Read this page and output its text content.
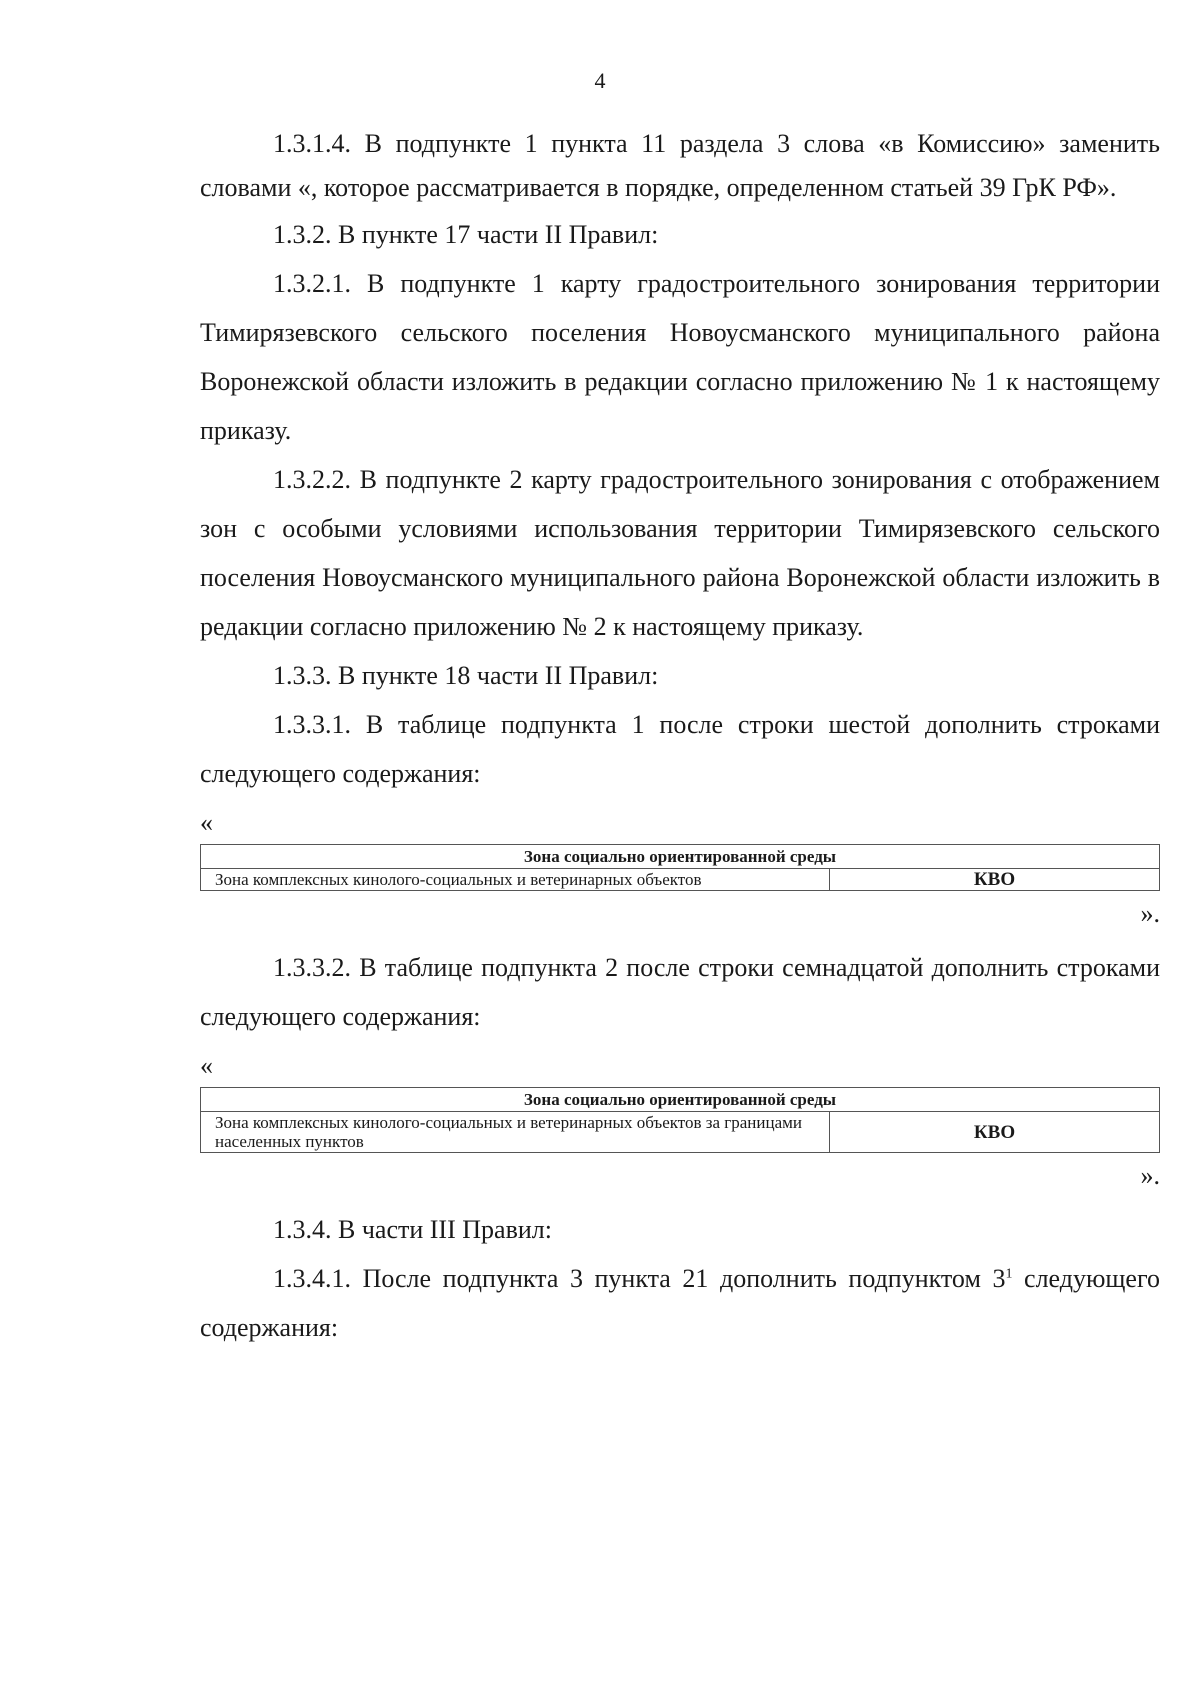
4

1.3.1.4. В подпункте 1 пункта 11 раздела 3 слова «в Комиссию» заменить словами «, которое рассматривается в порядке, определенном статьей 39 ГрК РФ».

1.3.2. В пункте 17 части II Правил:

1.3.2.1. В подпункте 1 карту градостроительного зонирования территории Тимирязевского сельского поселения Новоусманского муниципального района Воронежской области изложить в редакции согласно приложению № 1 к настоящему приказу.

1.3.2.2. В подпункте 2 карту градостроительного зонирования с отображением зон с особыми условиями использования территории Тимирязевского сельского поселения Новоусманского муниципального района Воронежской области изложить в редакции согласно приложению № 2 к настоящему приказу.

1.3.3. В пункте 18 части II Правил:

1.3.3.1. В таблице подпункта 1 после строки шестой дополнить строками следующего содержания:

«
Зона социально ориентированной среды
Зона комплексных кинолого-социальных и ветеринарных объектов	КВО
».

1.3.3.2. В таблице подпункта 2 после строки семнадцатой дополнить строками следующего содержания:

«
Зона социально ориентированной среды
Зона комплексных кинолого-социальных и ветеринарных объектов за границами населенных пунктов	КВО
».

1.3.4. В части III Правил:

1.3.4.1. После подпункта 3 пункта 21 дополнить подпунктом $3^1$ следующего содержания:
